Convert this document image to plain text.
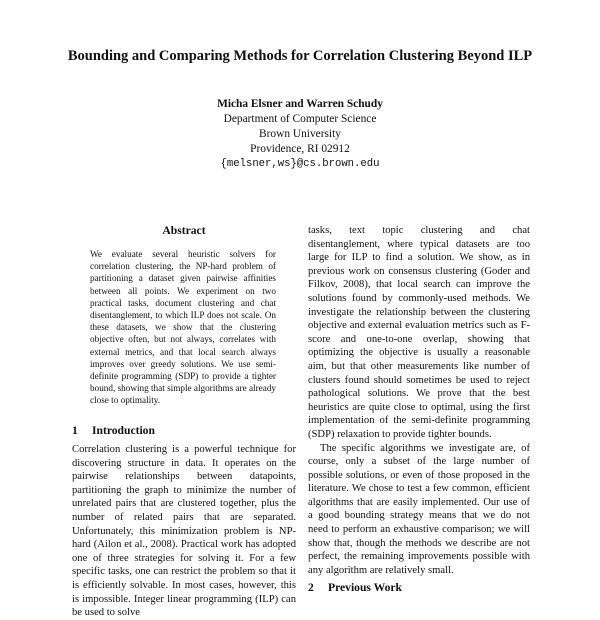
Bounding and Comparing Methods for Correlation Clustering Beyond ILP
Micha Elsner and Warren Schudy
Department of Computer Science
Brown University
Providence, RI 02912
{melsner,ws}@cs.brown.edu
Abstract
We evaluate several heuristic solvers for correlation clustering, the NP-hard problem of partitioning a dataset given pairwise affinities between all points. We experiment on two practical tasks, document clustering and chat disentanglement, to which ILP does not scale. On these datasets, we show that the clustering objective often, but not always, correlates with external metrics, and that local search always improves over greedy solutions. We use semi-definite programming (SDP) to provide a tighter bound, showing that simple algorithms are already close to optimality.
1 Introduction

Correlation clustering is a powerful technique for discovering structure in data. It operates on the pairwise relationships between datapoints, partitioning the graph to minimize the number of unrelated pairs that are clustered together, plus the number of related pairs that are separated. Unfortunately, this minimization problem is NP-hard (Ailon et al., 2008). Practical work has adopted one of three strategies for solving it. For a few specific tasks, one can restrict the problem so that it is efficiently solvable. In most cases, however, this is impossible. Integer linear programming (ILP) can be used to solve

tasks, text topic clustering and chat disentanglement, where typical datasets are too large for ILP to find a solution. We show, as in previous work on consensus clustering (Goder and Filkov, 2008), that local search can improve the solutions found by commonly-used methods. We investigate the relationship between the clustering objective and external evaluation metrics such as F-score and one-to-one overlap, showing that optimizing the objective is usually a reasonable aim, but that other measurements like number of clusters found should sometimes be used to reject pathological solutions. We prove that the best heuristics are quite close to optimal, using the first implementation of the semi-definite programming (SDP) relaxation to provide tighter bounds.

The specific algorithms we investigate are, of course, only a subset of the large number of possible solutions, or even of those proposed in the literature. We chose to test a few common, efficient algorithms that are easily implemented. Our use of a good bounding strategy means that we do not need to perform an exhaustive comparison; we will show that, though the methods we describe are not perfect, the remaining improvements possible with any algorithm are relatively small.

2 Previous Work
